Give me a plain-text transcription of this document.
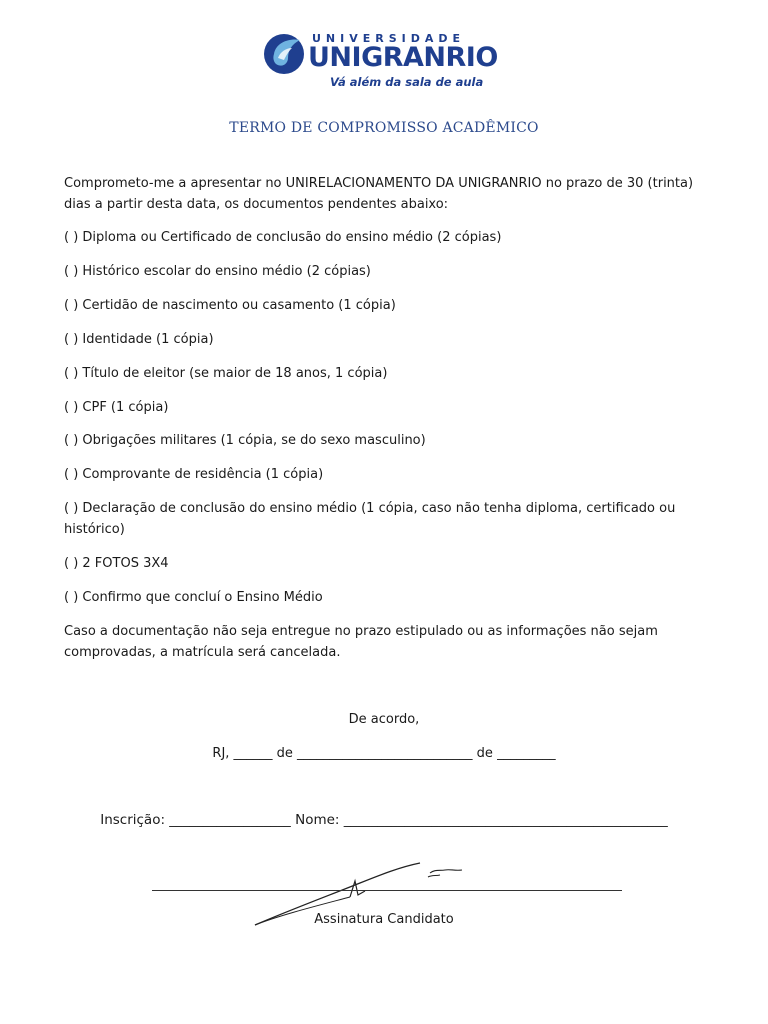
UNIVERSIDADE
UNIGRANRIO
Vá além da sala de aula
TERMO DE COMPROMISSO ACADÊMICO
Comprometo-me a apresentar no UNIRELACIONAMENTO DA UNIGRANRIO no prazo de 30 (trinta) dias a partir desta data, os documentos pendentes abaixo:
( ) Diploma ou Certificado de conclusão do ensino médio (2 cópias)
( ) Histórico escolar do ensino médio (2 cópias)
( ) Certidão de nascimento ou casamento (1 cópia)
( ) Identidade (1 cópia)
( ) Título de eleitor (se maior de 18 anos, 1 cópia)
( ) CPF (1 cópia)
( ) Obrigações militares (1 cópia, se do sexo masculino)
( ) Comprovante de residência (1 cópia)
( ) Declaração de conclusão do ensino médio (1 cópia, caso não tenha diploma, certificado ou histórico)
( ) 2 FOTOS 3X4
( ) Confirmo que concluí o Ensino Médio
Caso a documentação não seja entregue no prazo estipulado ou as informações não sejam comprovadas, a matrícula será cancelada.
De acordo,
RJ, ______ de ___________________________ de _________
Inscrição: __________________ Nome: ________________________________________________
Assinatura Candidato
